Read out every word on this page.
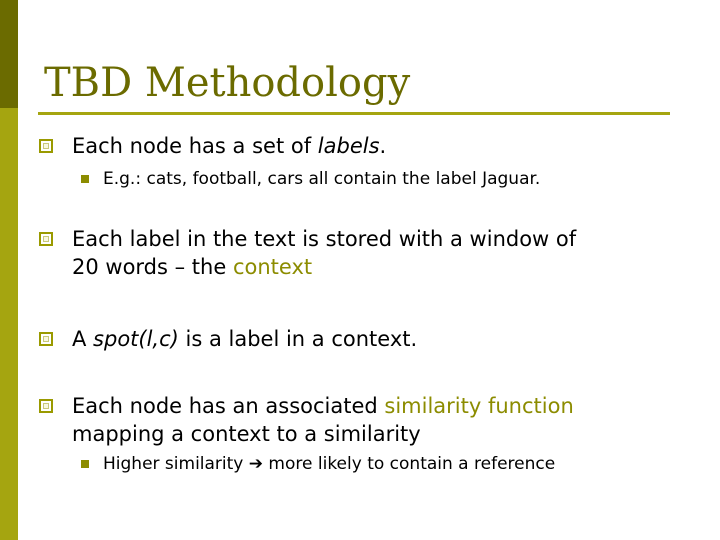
TBD Methodology

Each node has a set of labels.

E.g.: cats, football, cars all contain the label Jaguar.

Each label in the text is stored with a window of
20 words – the context

A spot(l,c) is a label in a context.

Each node has an associated similarity function
mapping a context to a similarity

Higher similarity ➔ more likely to contain a reference
